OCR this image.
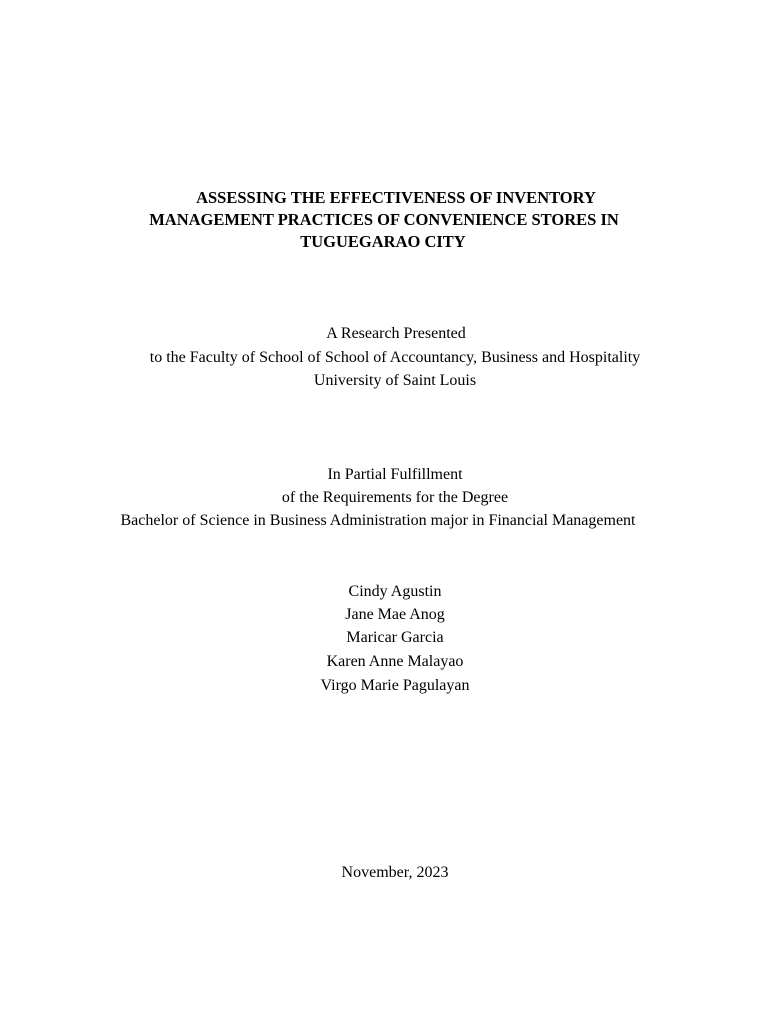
ASSESSING THE EFFECTIVENESS OF INVENTORY
MANAGEMENT PRACTICES OF CONVENIENCE STORES IN
TUGUEGARAO CITY
A Research Presented
to the Faculty of School of School of Accountancy, Business and Hospitality
University of Saint Louis
In Partial Fulfillment
of the Requirements for the Degree
Bachelor of Science in Business Administration major in Financial Management
Cindy Agustin
Jane Mae Anog
Maricar Garcia
Karen Anne Malayao
Virgo Marie Pagulayan
November, 2023
